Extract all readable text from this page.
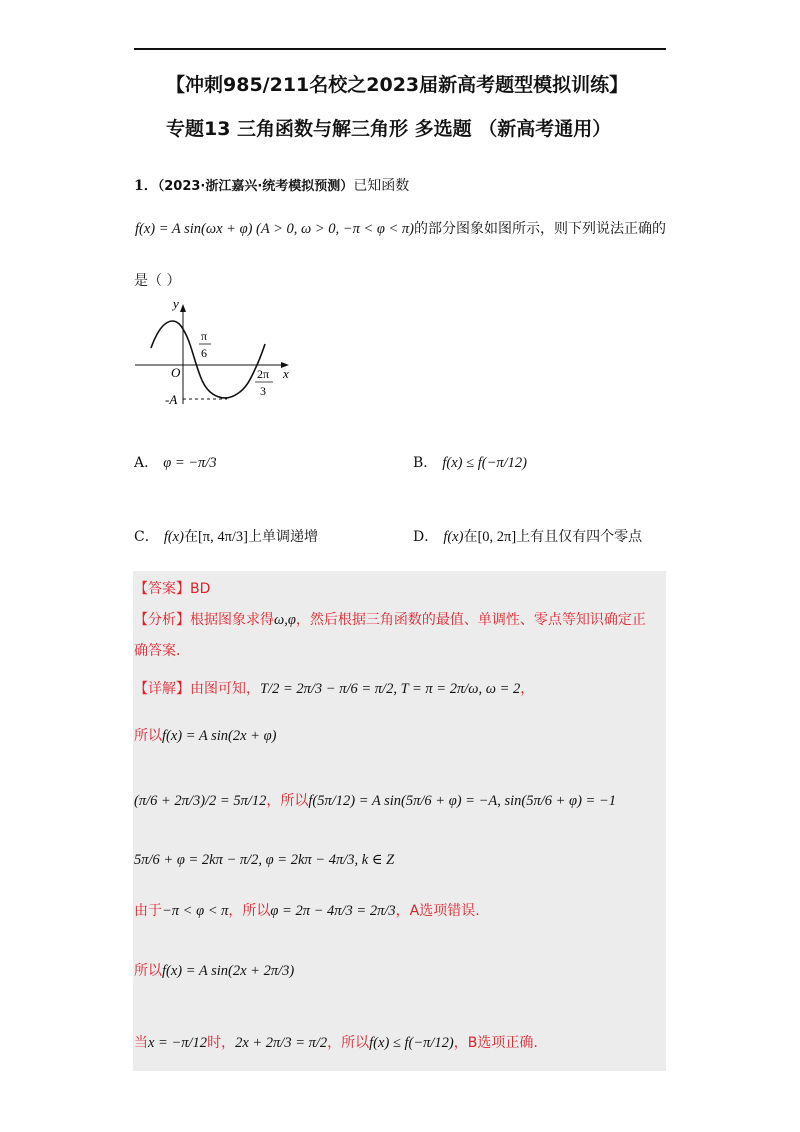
【冲刺985/211名校之2023届新高考题型模拟训练】
专题13 三角函数与解三角形 多选题 （新高考通用）
1．（2023·浙江嘉兴·统考模拟预测）已知函数
f(x) = A sin(ωx + φ) (A > 0, ω > 0, −π < φ < π)的部分图象如图所示，则下列说法正确的
是（ ）
y
x
O
-A
π
6
2π
3
A． φ = −π/3	B． f(x) ≤ f(−π/12)
C． f(x)在[π, 4π/3]上单调递增	D． f(x)在[0, 2π]上有且仅有四个零点
【答案】BD
【分析】根据图象求得ω,φ，然后根据三角函数的最值、单调性、零点等知识确定正
确答案.
【详解】由图可知，T/2 = 2π/3 − π/6 = π/2, T = π = 2π/ω, ω = 2，
所以f(x) = A sin(2x + φ)
(π/6 + 2π/3)/2 = 5π/12，所以f(5π/12) = A sin(5π/6 + φ) = −A, sin(5π/6 + φ) = −1
5π/6 + φ = 2kπ − π/2, φ = 2kπ − 4π/3, k ∈ Z
由于−π < φ < π，所以φ = 2π − 4π/3 = 2π/3，A选项错误.
所以f(x) = A sin(2x + 2π/3)
当x = −π/12时，2x + 2π/3 = π/2，所以f(x) ≤ f(−π/12)，B选项正确.
